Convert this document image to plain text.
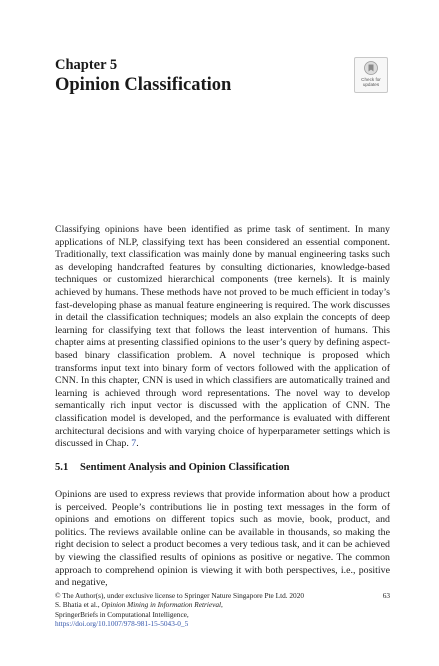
Chapter 5
Opinion Classification	Check for
updates
Classifying opinions have been identified as prime task of sentiment. In many applications of NLP, classifying text has been considered an essential component. Traditionally, text classification was mainly done by manual engineering tasks such as developing handcrafted features by consulting dictionaries, knowledge-based techniques or customized hierarchical components (tree kernels). It is mainly achieved by humans. These methods have not proved to be much efficient in today’s fast-developing phase as manual feature engineering is required. The work discusses in detail the classification techniques; models an also explain the concepts of deep learning for classifying text that follows the least intervention of humans. This chapter aims at presenting classified opinions to the user’s query by defining aspect-based binary classification problem. A novel technique is proposed which transforms input text into binary form of vectors followed with the application of CNN. In this chapter, CNN is used in which classifiers are automatically trained and learning is achieved through word representations. The novel way to develop semantically rich input vector is discussed with the application of CNN. The classification model is developed, and the performance is evaluated with different architectural decisions and with varying choice of hyperparameter settings which is discussed in Chap. 7.
5.1 Sentiment Analysis and Opinion Classification
Opinions are used to express reviews that provide information about how a product is perceived. People’s contributions lie in posting text messages in the form of opinions and emotions on different topics such as movie, book, product, and politics. The reviews available online can be available in thousands, so making the right decision to select a product becomes a very tedious task, and it can be achieved by viewing the classified results of opinions as positive or negative. The common approach to comprehend opinion is viewing it with both perspectives, i.e., positive and negative,
© The Author(s), under exclusive license to Springer Nature Singapore Pte Ltd. 2020
S. Bhatia et al., Opinion Mining in Information Retrieval,
SpringerBriefs in Computational Intelligence,
https://doi.org/10.1007/978-981-15-5043-0_5
63
